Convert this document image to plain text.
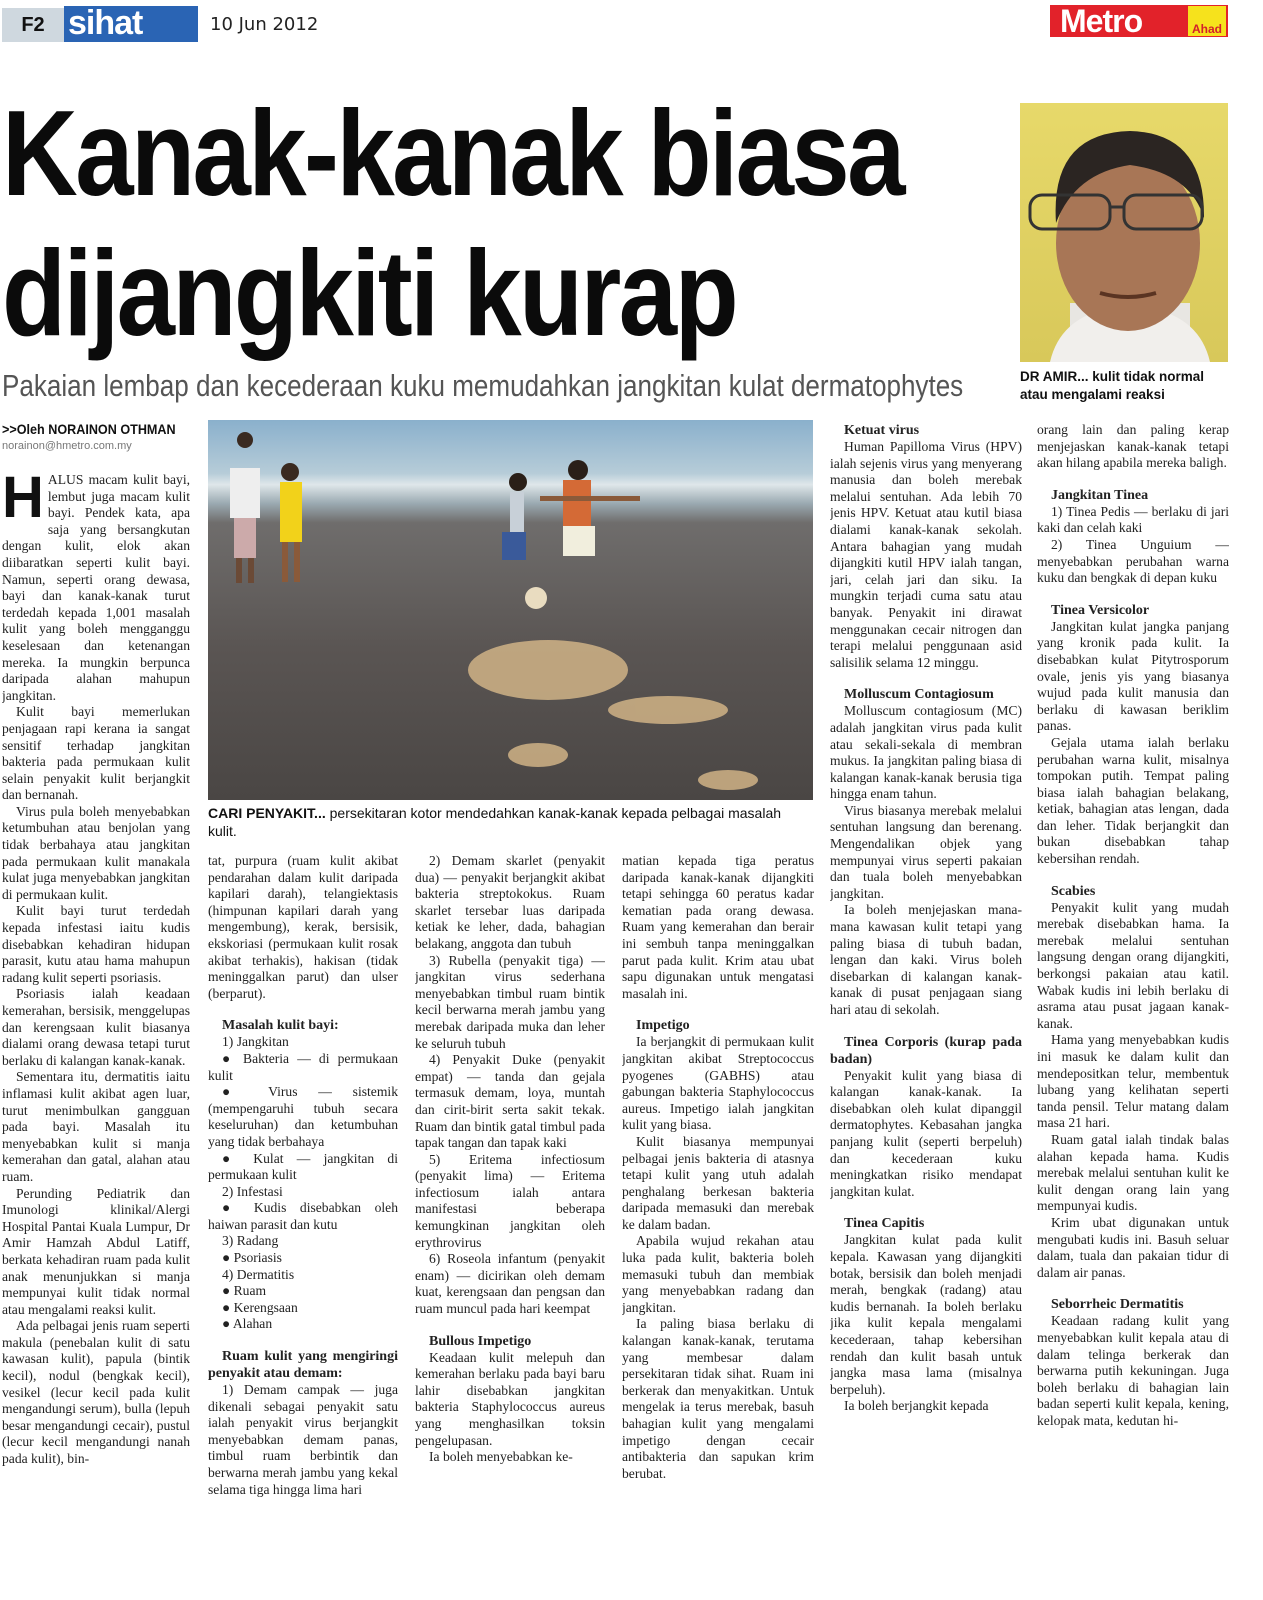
F2 sihat	10 Jun 2012	Metro	Ahad
Kanak-kanak biasa
dijangkiti kurap
Pakaian lembap dan kecederaan kuku memudahkan jangkitan kulat dermatophytes	DR AMIR... kulit tidak normal atau mengalami reaksi
>>Oleh NORAINON OTHMAN
norainon@hmetro.com.my
CARI PENYAKIT... persekitaran kotor mendedahkan kanak-kanak kepada pelbagai masalah kulit.
H ALUS macam kulit bayi, lembut juga macam kulit bayi. Pendek kata, apa saja yang bersangkutan dengan kulit, elok akan diibaratkan seperti kulit bayi. Namun, seperti orang dewasa, bayi dan kanak-kanak turut terdedah kepada 1,001 masalah kulit yang boleh mengganggu keselesaan dan ketenangan mereka. Ia mungkin berpunca daripada alahan mahupun jangkitan.

Kulit bayi memerlukan penjagaan rapi kerana ia sangat sensitif terhadap jangkitan bakteria pada permukaan kulit selain penyakit kulit berjangkit dan bernanah.

Virus pula boleh menyebabkan ketumbuhan atau benjolan yang tidak berbahaya atau jangkitan pada permukaan kulit manakala kulat juga menyebabkan jangkitan di permukaan kulit.

Kulit bayi turut terdedah kepada infestasi iaitu kudis disebabkan kehadiran hidupan parasit, kutu atau hama mahupun radang kulit seperti psoriasis.

Psoriasis ialah keadaan kemerahan, bersisik, menggelupas dan kerengsaan kulit biasanya dialami orang dewasa tetapi turut berlaku di kalangan kanak-kanak.

Sementara itu, dermatitis iaitu inflamasi kulit akibat agen luar, turut menimbulkan gangguan pada bayi. Masalah itu menyebabkan kulit si manja kemerahan dan gatal, alahan atau ruam.

Perunding Pediatrik dan Imunologi klinikal/Alergi Hospital Pantai Kuala Lumpur, Dr Amir Hamzah Abdul Latiff, berkata kehadiran ruam pada kulit anak menunjukkan si manja mempunyai kulit tidak normal atau mengalami reaksi kulit.

Ada pelbagai jenis ruam seperti makula (penebalan kulit di satu kawasan kulit), papula (bintik kecil), nodul (bengkak kecil), vesikel (lecur kecil pada kulit mengandungi serum), bulla (lepuh besar mengandungi cecair), pustul (lecur kecil mengandungi nanah pada kulit), bin-

tat, purpura (ruam kulit akibat pendarahan dalam kulit daripada kapilari darah), telangiektasis (himpunan kapilari darah yang mengembung), kerak, bersisik, ekskoriasi (permukaan kulit rosak akibat terhakis), hakisan (tidak meninggalkan parut) dan ulser (berparut).

Masalah kulit bayi:

1) Jangkitan

● Bakteria — di permukaan kulit

● Virus — sistemik (mempengaruhi tubuh secara keseluruhan) dan ketumbuhan yang tidak berbahaya

● Kulat — jangkitan di permukaan kulit

2) Infestasi

● Kudis disebabkan oleh haiwan parasit dan kutu

3) Radang

● Psoriasis

4) Dermatitis

● Ruam

● Kerengsaan

● Alahan

Ruam kulit yang mengiringi penyakit atau demam:

1) Demam campak — juga dikenali sebagai penyakit satu ialah penyakit virus berjangkit menyebabkan demam panas, timbul ruam berbintik dan berwarna merah jambu yang kekal selama tiga hingga lima hari

2) Demam skarlet (penyakit dua) — penyakit berjangkit akibat bakteria streptokokus. Ruam skarlet tersebar luas daripada ketiak ke leher, dada, bahagian belakang, anggota dan tubuh

3) Rubella (penyakit tiga) — jangkitan virus sederhana menyebabkan timbul ruam bintik kecil berwarna merah jambu yang merebak daripada muka dan leher ke seluruh tubuh

4) Penyakit Duke (penyakit empat) — tanda dan gejala termasuk demam, loya, muntah dan cirit-birit serta sakit tekak. Ruam dan bintik gatal timbul pada tapak tangan dan tapak kaki

5) Eritema infectiosum (penyakit lima) — Eritema infectiosum ialah antara manifestasi beberapa kemungkinan jangkitan oleh erythrovirus

6) Roseola infantum (penyakit enam) — dicirikan oleh demam kuat, kerengsaan dan pengsan dan ruam muncul pada hari keempat

Bullous Impetigo

Keadaan kulit melepuh dan kemerahan berlaku pada bayi baru lahir disebabkan jangkitan bakteria Staphylococcus aureus yang menghasilkan toksin pengelupasan.

Ia boleh menyebabkan ke-

matian kepada tiga peratus daripada kanak-kanak dijangkiti tetapi sehingga 60 peratus kadar kematian pada orang dewasa. Ruam yang kemerahan dan berair ini sembuh tanpa meninggalkan parut pada kulit. Krim atau ubat sapu digunakan untuk mengatasi masalah ini.

Impetigo

Ia berjangkit di permukaan kulit jangkitan akibat Streptococcus pyogenes (GABHS) atau gabungan bakteria Staphylococcus aureus. Impetigo ialah jangkitan kulit yang biasa.

Kulit biasanya mempunyai pelbagai jenis bakteria di atasnya tetapi kulit yang utuh adalah penghalang berkesan bakteria daripada memasuki dan merebak ke dalam badan.

Apabila wujud rekahan atau luka pada kulit, bakteria boleh memasuki tubuh dan membiak yang menyebabkan radang dan jangkitan.

Ia paling biasa berlaku di kalangan kanak-kanak, terutama yang membesar dalam persekitaran tidak sihat. Ruam ini berkerak dan menyakitkan. Untuk mengelak ia terus merebak, basuh bahagian kulit yang mengalami impetigo dengan cecair antibakteria dan sapukan krim berubat.

Ketuat virus

Human Papilloma Virus (HPV) ialah sejenis virus yang menyerang manusia dan boleh merebak melalui sentuhan. Ada lebih 70 jenis HPV. Ketuat atau kutil biasa dialami kanak-kanak sekolah. Antara bahagian yang mudah dijangkiti kutil HPV ialah tangan, jari, celah jari dan siku. Ia mungkin terjadi cuma satu atau banyak. Penyakit ini dirawat menggunakan cecair nitrogen dan terapi melalui penggunaan asid salisilik selama 12 minggu.

Molluscum Contagiosum

Molluscum contagiosum (MC) adalah jangkitan virus pada kulit atau sekali-sekala di membran mukus. Ia jangkitan paling biasa di kalangan kanak-kanak berusia tiga hingga enam tahun.

Virus biasanya merebak melalui sentuhan langsung dan berenang. Mengendalikan objek yang mempunyai virus seperti pakaian dan tuala boleh menyebabkan jangkitan.

Ia boleh menjejaskan mana-mana kawasan kulit tetapi yang paling biasa di tubuh badan, lengan dan kaki. Virus boleh disebarkan di kalangan kanak-kanak di pusat penjagaan siang hari atau di sekolah.

Tinea Corporis (kurap pada badan)

Penyakit kulit yang biasa di kalangan kanak-kanak. Ia disebabkan oleh kulat dipanggil dermatophytes. Kebasahan jangka panjang kulit (seperti berpeluh) dan kecederaan kuku meningkatkan risiko mendapat jangkitan kulat.

Tinea Capitis

Jangkitan kulat pada kulit kepala. Kawasan yang dijangkiti botak, bersisik dan boleh menjadi merah, bengkak (radang) atau kudis bernanah. Ia boleh berlaku jika kulit kepala mengalami kecederaan, tahap kebersihan rendah dan kulit basah untuk jangka masa lama (misalnya berpeluh).

Ia boleh berjangkit kepada

orang lain dan paling kerap menjejaskan kanak-kanak tetapi akan hilang apabila mereka baligh.

Jangkitan Tinea

1) Tinea Pedis — berlaku di jari kaki dan celah kaki

2) Tinea Unguium — menyebabkan perubahan warna kuku dan bengkak di depan kuku

Tinea Versicolor

Jangkitan kulat jangka panjang yang kronik pada kulit. Ia disebabkan kulat Pitytrosporum ovale, jenis yis yang biasanya wujud pada kulit manusia dan berlaku di kawasan beriklim panas.

Gejala utama ialah berlaku perubahan warna kulit, misalnya tompokan putih. Tempat paling biasa ialah bahagian belakang, ketiak, bahagian atas lengan, dada dan leher. Tidak berjangkit dan bukan disebabkan tahap kebersihan rendah.

Scabies

Penyakit kulit yang mudah merebak disebabkan hama. Ia merebak melalui sentuhan langsung dengan orang dijangkiti, berkongsi pakaian atau katil. Wabak kudis ini lebih berlaku di asrama atau pusat jagaan kanak-kanak.

Hama yang menyebabkan kudis ini masuk ke dalam kulit dan mendepositkan telur, membentuk lubang yang kelihatan seperti tanda pensil. Telur matang dalam masa 21 hari.

Ruam gatal ialah tindak balas alahan kepada hama. Kudis merebak melalui sentuhan kulit ke kulit dengan orang lain yang mempunyai kudis.

Krim ubat digunakan untuk mengubati kudis ini. Basuh seluar dalam, tuala dan pakaian tidur di dalam air panas.

Seborrheic Dermatitis

Keadaan radang kulit yang menyebabkan kulit kepala atau di dalam telinga berkerak dan berwarna putih kekuningan. Juga boleh berlaku di bahagian lain badan seperti kulit kepala, kening, kelopak mata, kedutan hi-
